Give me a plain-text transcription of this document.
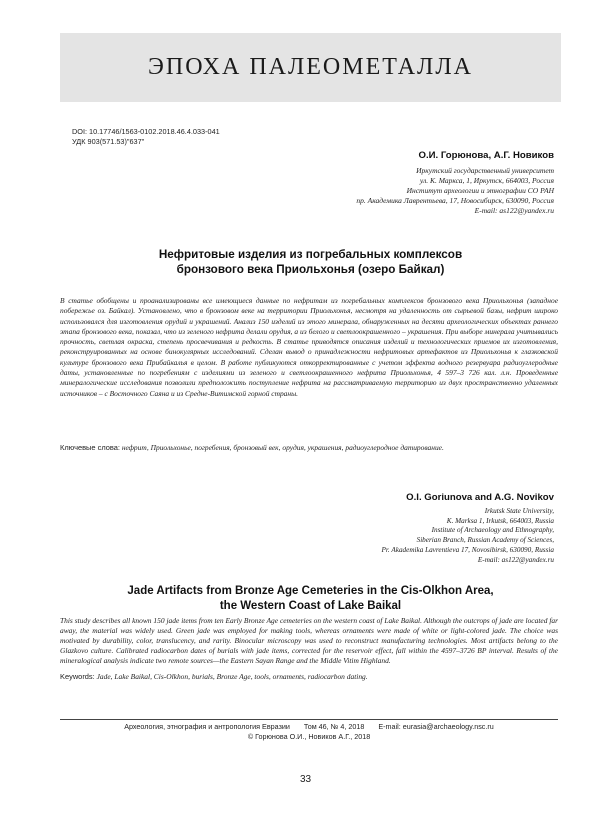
ЭПОХА ПАЛЕОМЕТАЛЛА
DOI: 10.17746/1563-0102.2018.46.4.033-041
УДК 903(571.53)"637"
О.И. Горюнова, А.Г. Новиков
Иркутский государственный университет
ул. К. Маркса, 1, Иркутск, 664003, Россия
Институт археологии и этнографии СО РАН
пр. Академика Лаврентьева, 17, Новосибирск, 630090, Россия
E-mail: as122@yandex.ru
Нефритовые изделия из погребальных комплексов
бронзового века Приольхонья (озеро Байкал)
В статье обобщены и проанализированы все имеющиеся данные по нефритам из погребальных комплексов бронзового века Приольхонья (западное побережье оз. Байкал). Установлено, что в бронзовом веке на территории Приольхонья, несмотря на удаленность от сырьевой базы, нефрит широко использовался для изготовления орудий и украшений. Анализ 150 изделий из этого минерала, обнаруженных на десяти археологических объектах раннего этапа бронзового века, показал, что из зеленого нефрита делали орудия, а из белого и светлоокрашенного – украшения. При выборе минерала учитывались прочность, светлая окраска, степень просвечивания и редкость. В статье приводятся описания изделий и технологических приемов их изготовления, реконструированных на основе бинокулярных исследований. Сделан вывод о принадлежности нефритовых артефактов из Приольхонья к глазковской культуре бронзового века Прибайкалья в целом. В работе публикуются откорректированные с учетом эффекта водного резервуара радиоуглеродные даты, установленные по погребениям с изделиями из зеленого и светлоокрашенного нефрита Приольхонья, 4 597–3 726 кал. л.н. Проведенные минералогические исследования позволили предположить поступление нефрита на рассматриваемую территорию из двух пространственно удаленных источников – с Восточного Саяна и из Средне-Витимской горной страны.
Ключевые слова: нефрит, Приольхонье, погребения, бронзовый век, орудия, украшения, радиоуглеродное датирование.
O.I. Goriunova and A.G. Novikov
Irkutsk State University,
K. Marksa 1, Irkutsk, 664003, Russia
Institute of Archaeology and Ethnography,
Siberian Branch, Russian Academy of Sciences,
Pr. Akademika Lavrentieva 17, Novosibirsk, 630090, Russia
E-mail: as122@yandex.ru
Jade Artifacts from Bronze Age Cemeteries in the Cis-Olkhon Area,
the Western Coast of Lake Baikal
This study describes all known 150 jade items from ten Early Bronze Age cemeteries on the western coast of Lake Baikal. Although the outcrops of jade are located far away, the material was widely used. Green jade was employed for making tools, whereas ornaments were made of white or light-colored jade. The choice was motivated by durability, color, translucency, and rarity. Binocular microscopy was used to reconstruct manufacturing technologies. Most artifacts belong to the Glazkovo culture. Calibrated radiocarbon dates of burials with jade items, corrected for the reservoir effect, fall within the 4597–3726 BP interval. Results of the mineralogical analysis indicate two remote sources—the Eastern Sayan Range and the Middle Vitim Highland.
Keywords: Jade, Lake Baikal, Cis-Olkhon, burials, Bronze Age, tools, ornaments, radiocarbon dating.
Археология, этнография и антропология Евразии Том 46, № 4, 2018 E-mail: eurasia@archaeology.nsc.ru
© Горюнова О.И., Новиков А.Г., 2018
33
